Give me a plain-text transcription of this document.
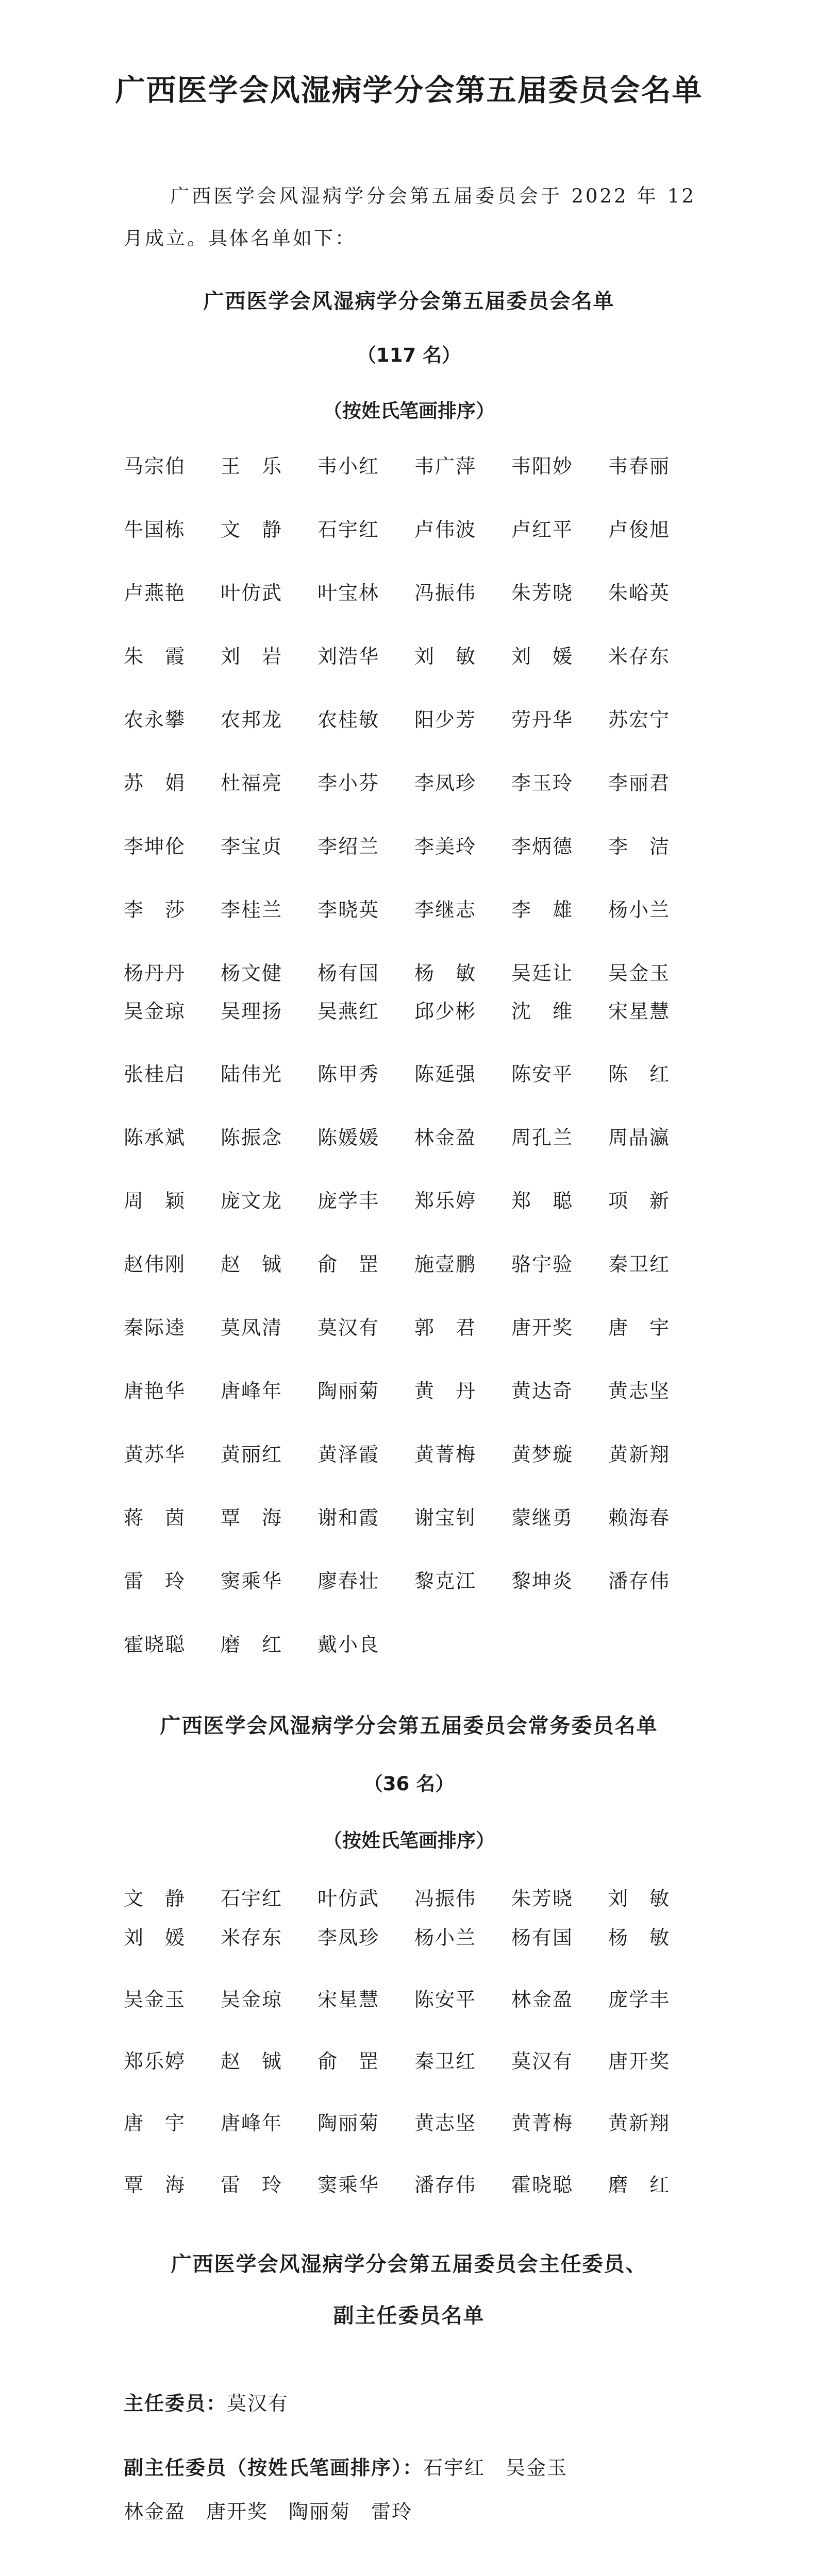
广西医学会风湿病学分会第五届委员会名单
广西医学会风湿病学分会第五届委员会于 2022 年 12 月成立。具体名单如下：
广西医学会风湿病学分会第五届委员会名单
（117 名）
（按姓氏笔画排序）
马宗伯	王　乐	韦小红	韦广萍	韦阳妙	韦春丽
牛国栋	文　静	石宇红	卢伟波	卢红平	卢俊旭
卢燕艳	叶仿武	叶宝林	冯振伟	朱芳晓	朱峪英
朱　霞	刘　岩	刘浩华	刘　敏	刘　媛	米存东
农永攀	农邦龙	农桂敏	阳少芳	劳丹华	苏宏宁
苏　娟	杜福亮	李小芬	李凤珍	李玉玲	李丽君
李坤伦	李宝贞	李绍兰	李美玲	李炳德	李　洁
李　莎	李桂兰	李晓英	李继志	李　雄	杨小兰
杨丹丹	杨文健	杨有国	杨　敏	吴廷让	吴金玉
吴金琼	吴理扬	吴燕红	邱少彬	沈　维	宋星慧
张桂启	陆伟光	陈甲秀	陈延强	陈安平	陈　红
陈承斌	陈振念	陈媛媛	林金盈	周孔兰	周晶瀛
周　颖	庞文龙	庞学丰	郑乐婷	郑　聪	项　新
赵伟刚	赵　铖	俞　罡	施壹鹏	骆宇验	秦卫红
秦际逵	莫凤清	莫汉有	郭　君	唐开奖	唐　宇
唐艳华	唐峰年	陶丽菊	黄　丹	黄达奇	黄志坚
黄苏华	黄丽红	黄泽霞	黄菁梅	黄梦璇	黄新翔
蒋　茵	覃　海	谢和霞	谢宝钊	蒙继勇	赖海春
雷　玲	窦乘华	廖春壮	黎克江	黎坤炎	潘存伟
霍晓聪	磨　红	戴小良
广西医学会风湿病学分会第五届委员会常务委员名单
（36 名）
（按姓氏笔画排序）
文　静	石宇红	叶仿武	冯振伟	朱芳晓	刘　敏
刘　媛	米存东	李凤珍	杨小兰	杨有国	杨　敏
吴金玉	吴金琼	宋星慧	陈安平	林金盈	庞学丰
郑乐婷	赵　铖	俞　罡	秦卫红	莫汉有	唐开奖
唐　宇	唐峰年	陶丽菊	黄志坚	黄菁梅	黄新翔
覃　海	雷　玲	窦乘华	潘存伟	霍晓聪	磨　红
广西医学会风湿病学分会第五届委员会主任委员、
副主任委员名单
主任委员：莫汉有
副主任委员（按姓氏笔画排序）：石宇红　吴金玉
林金盈　唐开奖　陶丽菊　雷玲
